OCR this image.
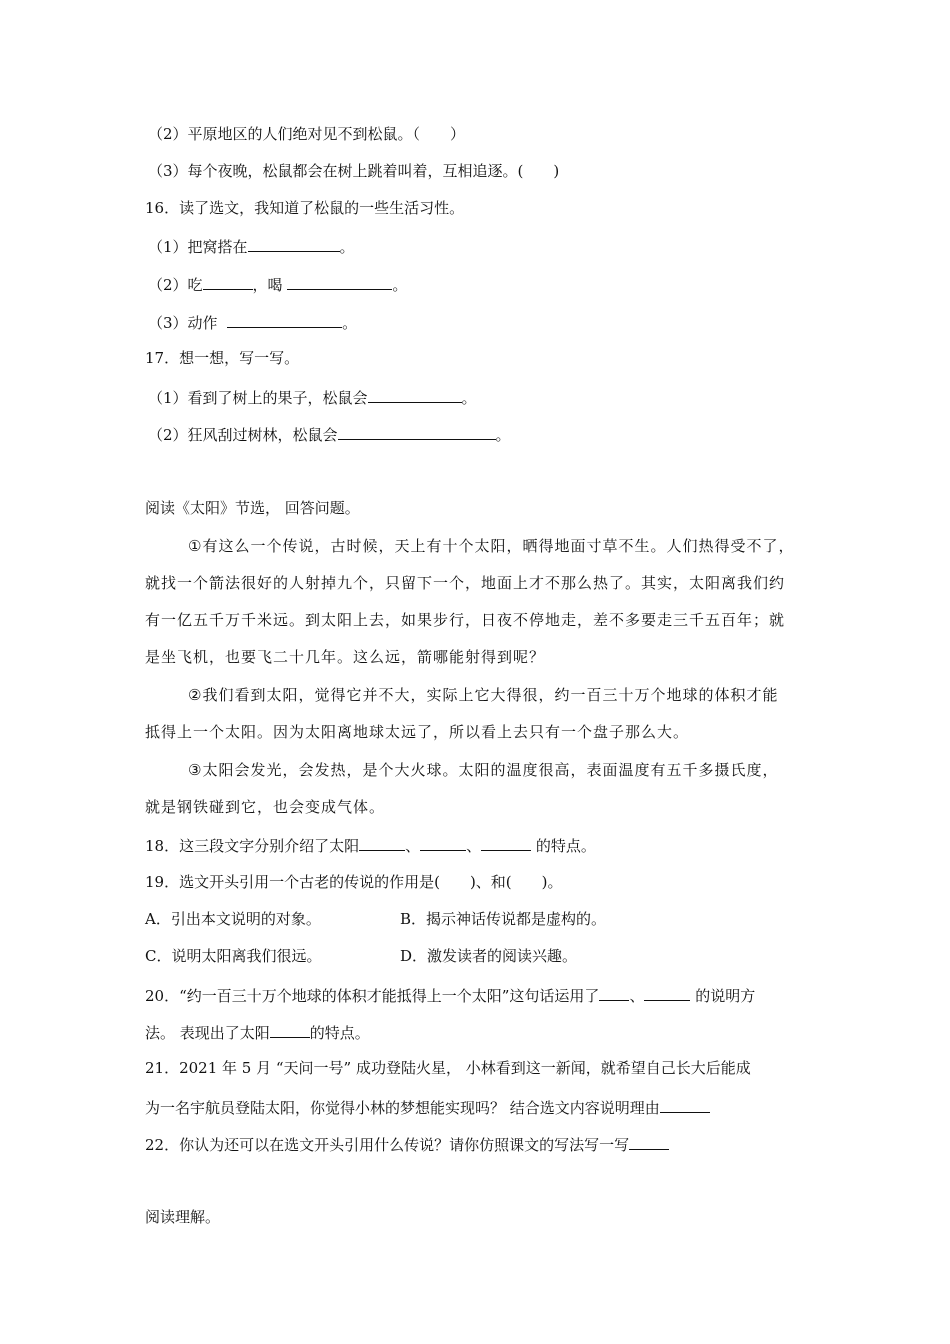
（2）平原地区的人们绝对见不到松鼠。（　　）
（3）每个夜晚，松鼠都会在树上跳着叫着，互相追逐。(　　)
16．读了选文，我知道了松鼠的一些生活习性。
（1）把窝搭在	。
（2）吃	，喝	。
（3）动作	。
17．想一想，写一写。
（1）看到了树上的果子，松鼠会	。
（2）狂风刮过树林，松鼠会	。
阅读《太阳》节选， 回答问题。
①有这么一个传说，古时候，天上有十个太阳，晒得地面寸草不生。人们热得受不了，
就找一个箭法很好的人射掉九个，只留下一个，地面上才不那么热了。其实，太阳离我们约
有一亿五千万千米远。到太阳上去，如果步行，日夜不停地走，差不多要走三千五百年；就
是坐飞机，也要飞二十几年。这么远，箭哪能射得到呢？
②我们看到太阳，觉得它并不大，实际上它大得很，约一百三十万个地球的体积才能
抵得上一个太阳。因为太阳离地球太远了，所以看上去只有一个盘子那么大。
③太阳会发光，会发热，是个大火球。太阳的温度很高，表面温度有五千多摄氏度，
就是钢铁碰到它，也会变成气体。
18．这三段文字分别介绍了太阳	、	、	的特点。
19．选文开头引用一个古老的传说的作用是(　　)、和(　　)。
A．引出本文说明的对象。	B．揭示神话传说都是虚构的。
C．说明太阳离我们很远。	D．激发读者的阅读兴趣。
20．“约一百三十万个地球的体积才能抵得上一个太阳”这句话运用了 、	的说明方
法。 表现出了太阳	的特点。
21．2021 年 5 月 “天问一号” 成功登陆火星， 小林看到这一新闻，就希望自己长大后能成
为一名宇航员登陆太阳，你觉得小林的梦想能实现吗？ 结合选文内容说明理由
22．你认为还可以在选文开头引用什么传说？请你仿照课文的写法写一写
阅读理解。
